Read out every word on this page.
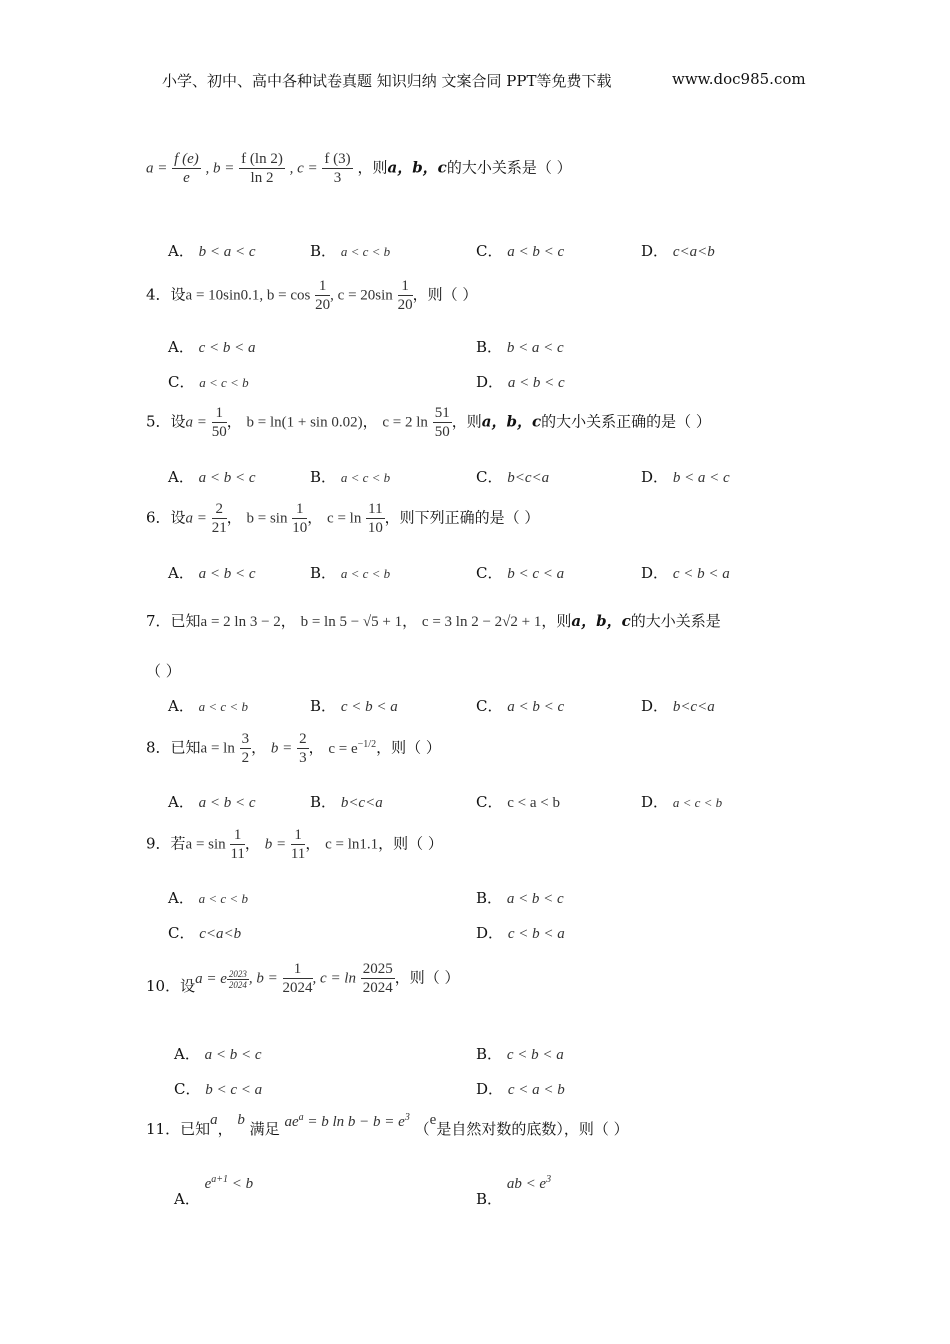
小学、初中、高中各种试卷真题 知识归纳 文案合同 PPT等免费下载	www.doc985.com
$a = \frac{f (e)}{e}$ , $b = \frac{f (\ln 2)}{\ln 2}$ , $c = \frac{f (3)}{3}$ ，则a，b，c的大小关系是（ ）
A． b < a < c	B． a < c < b	C． a < b < c	D． c<a<b
4．设a = 10sin0.1, $b = \cos \frac{1}{20}$ , $c = 20\sin \frac{1}{20}$ ，则（ ）
A． c < b < a	B． b < a < c
C． a < c < b	D． a < b < c
5．设$a = \frac{1}{50}$ ， b = ln(1 + sin 0.02)， c = 2 $\ln \frac{51}{50}$ ，则a，b，c的大小关系正确的是（ ）
A． a < b < c	B． a < c < b	C． b<c<a	D． b < a < c
6．设$a = \frac{2}{21}$ ， $b = \sin \frac{1}{10}$ ， $c = \ln \frac{11}{10}$ ，则下列正确的是（ ）
A． a < b < c	B． a < c < b	C． b < c < a	D． c < b < a
7．已知a = 2 ln 3 − 2， b = ln 5 − √5 + 1， c = 3 ln 2 − 2√2 + 1，则a，b，c的大小关系是
（ ）
A． a < c < b	B． c < b < a	C． a < b < c	D． b<c<a
8．已知$a = \ln \frac{3}{2}$ ， $b = \frac{2}{3}$ ， $c = e^{-1/2}$，则（ ）
A． a < b < c	B． b<c<a	C． c < a < b	D． a < c < b
9．若$a = \sin \frac{1}{11}$ ， $b = \frac{1}{11}$ ， c = ln1.1，则（ ）
A． a < c < b	B． a < b < c
C． c<a<b	D． c < b < a
10．设a = e $\frac{2023}{2024}$ , $b = \frac{1}{2024}$ , $c = \ln \frac{2025}{2024}$ ，则（ ）
A． a < b < c	B． c < b < a
C． b < c < a	D． c < a < b
11．已知a， b 满足 $ae^a = b$ $\ln b - b = e^3$ （e是自然对数的底数），则（ ）
A． $e^{a+1} < b$
B． ab < $e^3$
